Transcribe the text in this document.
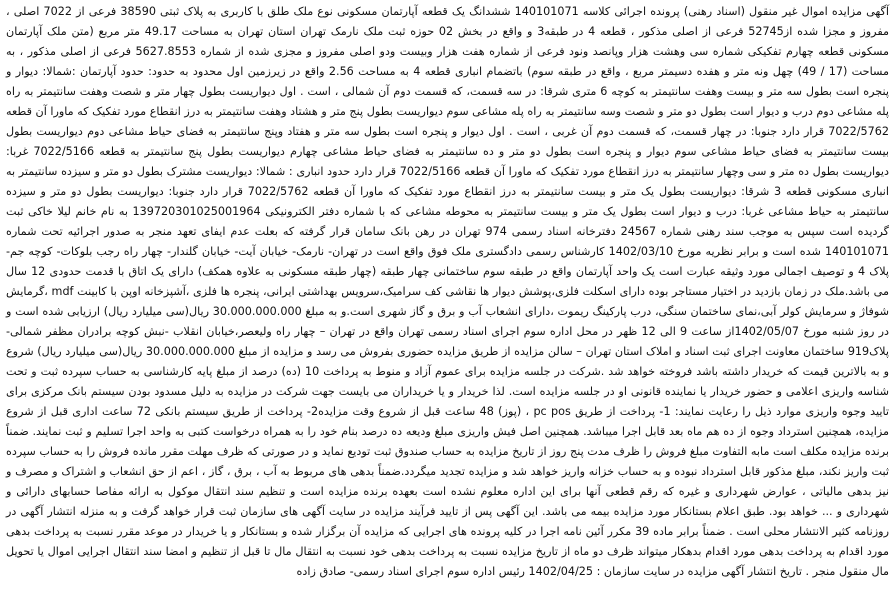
آگهی مزایده اموال غیر منقول (اسناد رهنی) پرونده اجرائی کلاسه 140101071 ششدانگ یک قطعه آپارتمان مسکونی نوع ملک طلق با کاربری به پلاک ثبتی 38590 فرعی از 7022 اصلی ، مفروز و مجزا شده از52745 فرعی از اصلی مذکور ، قطعه 4 در طبقه3 و واقع در بخش 02 حوزه ثبت ملک نارمک تهران استان تهران به مساحت 49.17 متر مربع (متن ملک آپارتمان مسکونی قطعه چهارم تفکیکی شماره سی وهشت هزار وپانصد ونود فرعی از شماره هفت هزار وبیست ودو اصلی مفروز و مجزی شده از شماره 5627.8553 فرعی از اصلی مذکور ، به مساحت (17 / 49) چهل ونه متر و هفده دسیمتر مربع ، واقع در طبقه سوم) باتضمام انباری قطعه 4 به مساحت 2.56 واقع در زیرزمین اول محدود به حدود: حدود آپارتمان :شمالا: دیوار و پنجره است بطول سه متر و بیست وهفت سانتیمتر به کوچه 6 متری شرقا: در سه قسمت، که قسمت دوم آن شمالی ، است . اول دیواریست بطول چهار متر و شصت وهفت سانتیمتر به راه پله مشاعی دوم درب و دیوار است بطول دو متر و شصت وسه سانتیمتر به راه پله مشاعی سوم دیواریست بطول پنج متر و هشتاد وهفت سانتیمتر به درز انقطاع مورد تفکیک که ماورا آن قطعه 7022/5762 قرار دارد جنوبا: در چهار قسمت، که قسمت دوم آن غربی ، است . اول دیوار و پنجره است بطول سه متر و هفتاد وپنج سانتیمتر به فضای حیاط مشاعی دوم دیواریست بطول بیست سانتیمتر به فضای حیاط مشاعی سوم دیوار و پنجره است بطول دو متر و ده سانتیمتر به فضای حیاط مشاعی چهارم دیواریست بطول پنج سانتیمتر به قطعه 7022/5166 غربا: دیواریست بطول ده متر و سی وچهار سانتیمتر به درز انقطاع مورد تفکیک که ماورا آن قطعه 7022/5166 قرار دارد حدود انباری : شمالا: دیواریست مشترک بطول دو متر و سیزده سانتیمتر به انباری مسکونی قطعه 3 شرقا: دیواریست بطول یک متر و بیست سانتیمتر به درز انقطاع مورد تفکیک که ماورا آن قطعه 7022/5762 قرار دارد جنوبا: دیواریست بطول دو متر و سیزده سانتیمتر به حیاط مشاعی غربا: درب و دیوار است بطول یک متر و بیست سانتیمتر به محوطه مشاعی که با شماره دفتر الکترونیکی 139720301025001964 به نام خانم لیلا خاکی ثبت گردیده است سپس به موجب سند رهنی شماره 24567 دفترخانه اسناد رسمی 974 تهران در رهن بانک سامان قرار گرفته که بعلت عدم ایفای تعهد منجر به صدور اجرائیه تحت شماره 140101071 شده است و برابر نظریه مورخ 1402/03/10 کارشناس رسمی دادگستری ملک فوق واقع است در تهران- نارمک- خیابان آیت- خیابان گلندار- چهار راه رجب بلوکات- کوچه جم- پلاک 4 و توصیف اجمالی مورد وثیقه عبارت است یک واحد آپارتمان واقع در طبقه سوم ساختمانی چهار طبقه (چهار طبقه مسکونی به علاوه همکف) دارای یک اتاق با قدمت حدودی 12 سال می باشد.ملک در زمان بازدید در اختیار مستاجر بوده دارای اسکلت فلزی،پوشش دیوار ها نقاشی کف سرامیک،سرویس بهداشتی ایرانی، پنجره ها فلزی ،آشپزخانه اوپن با کابینت mdf ،گرمایش شوفاژ و سرمایش کولر آبی،نمای ساختمان سنگی، درب پارکینگ ریموت ،دارای انشعاب آب و برق و گاز شهری است.و به مبلغ 30.000.000.000 ریال(سی میلیارد ریال) ارزیابی شده است و در روز شنبه مورخ 1402/05/07از ساعت 9 الی 12 ظهر در محل اداره سوم اجرای اسناد رسمی تهران واقع در تهران – چهار راه ولیعصر،خیابان انقلاب -نبش کوچه برادران مظفر شمالی- پلاک919 ساختمان معاونت اجرای ثبت اسناد و املاک استان تهران – سالن مزایده از طریق مزایده حضوری بفروش می رسد و مزایده از مبلغ 30.000.000.000 ریال(سی میلیارد ریال) شروع و به بالاترین قیمت که خریدار داشته باشد فروخته خواهد شد .شرکت در جلسه مزایده برای عموم آزاد و منوط به پرداخت 10 (ده) درصد از مبلغ پایه کارشناسی به حساب سپرده ثبت و تحت شناسه واریزی اعلامی و حضور خریدار یا نماینده قانونی او در جلسه مزایده است. لذا خریدار و یا خریداران می بایست جهت شرکت در مزایده به دلیل مسدود بودن سیستم بانک مرکزی برای تایید وجوه واریزی موارد ذیل را رعایت نمایند: 1- پرداخت از طریق pc pos ، (پوز) 48 ساعت قبل از شروع وقت مزایده2- پرداخت از طریق سیستم بانکی 72 ساعت اداری قبل از شروع مزایده، همچنین استرداد وجوه از ده هم ماه بعد قابل اجرا میباشد. همچنین اصل فیش واریزی مبلغ ودیعه ده درصد بنام خود را به همراه درخواست کتبی به واحد اجرا تسلیم و ثبت نمایند. ضمناً برنده مزایده مکلف است مابه التفاوت مبلغ فروش را ظرف مدت پنج روز از تاریخ مزایده به حساب صندوق ثبت تودیع نماید و در صورتی که ظرف مهلت مقرر مانده فروش را به حساب سپرده ثبت واریز نکند، مبلغ مذکور قابل استرداد نبوده و به حساب خزانه واریز خواهد شد و مزایده تجدید میگردد.ضمناً بدهی های مربوط به آب ، برق ، گاز ، اعم از حق انشعاب و اشتراک و مصرف و نیز بدهی مالیاتی ، عوارض شهرداری و غیره که رقم قطعی آنها برای این اداره معلوم نشده است بعهده برنده مزایده است و تنظیم سند انتقال موکول به ارائه مفاصا حسابهای دارائی و شهرداری و ... خواهد بود. طبق اعلام بستانکار مورد مزایده بیمه می باشد. این آگهی پس از تایید فرآیند مزایده در سایت آگهی های سازمان ثبت قرار خواهد گرفت و به منزله انتشار آگهی در روزنامه کثیر الانتشار محلی است . ضمناً برابر ماده 39 مکرر آئین نامه اجرا در کلیه پرونده های اجرایی که مزایده آن برگزار شده و بستانکار و یا خریدار در موعد مقرر نسبت به پرداخت بدهی مورد اقدام به پرداخت بدهی مورد اقدام بدهکار میتواند ظرف دو ماه از تاریخ مزایده نسبت به پرداخت بدهی خود نسبت به انتقال مال تا قبل از تنظیم و امضا سند انتقال اجرایی اموال یا تحویل مال منقول منجر . تاریخ انتشار آگهی مزایده در سایت سازمان : 1402/04/25 رئیس اداره سوم اجرای اسناد رسمی- صادق زاده
